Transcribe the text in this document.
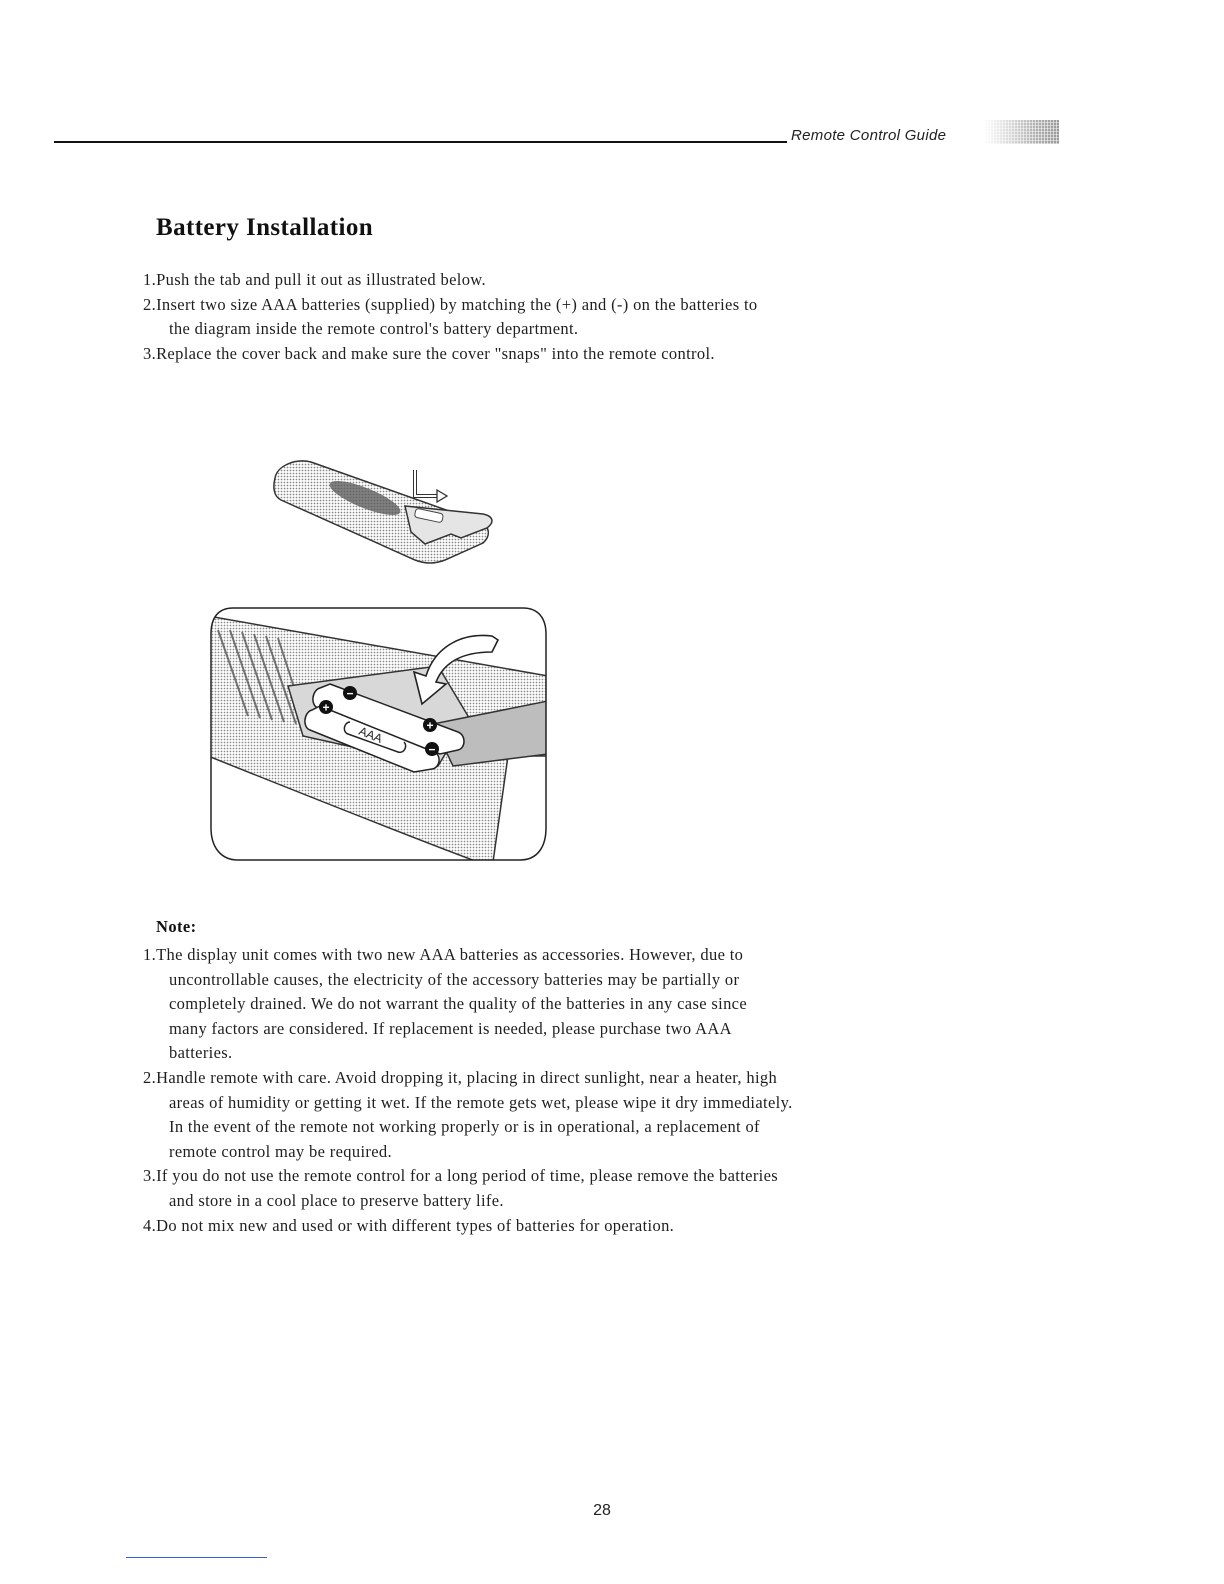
Remote Control Guide
Battery Installation
1.Push the tab and pull it out as illustrated below.
2.Insert two size AAA batteries (supplied) by matching the (+) and (-) on the batteries to the diagram inside the remote control's battery department.
3.Replace the cover back and make sure the cover "snaps" into the remote control.
AAA
+
+
−
−
Note:
1.The display unit comes with two new AAA batteries as accessories. However, due to uncontrollable causes, the electricity of the accessory batteries may be partially or completely drained. We do not warrant the quality of the batteries in any case since many factors are considered. If replacement is needed, please purchase two AAA batteries.
2.Handle remote with care. Avoid dropping it, placing in direct sunlight, near a heater, high areas of humidity or getting it wet. If the remote gets wet, please wipe it dry immediately. In the event of the remote not working properly or is in operational, a replacement of remote control may be required.
3.If you do not use the remote control for a long period of time, please remove the batteries and store in a cool place to preserve battery life.
4.Do not mix new and used or with different types of batteries for operation.
28
